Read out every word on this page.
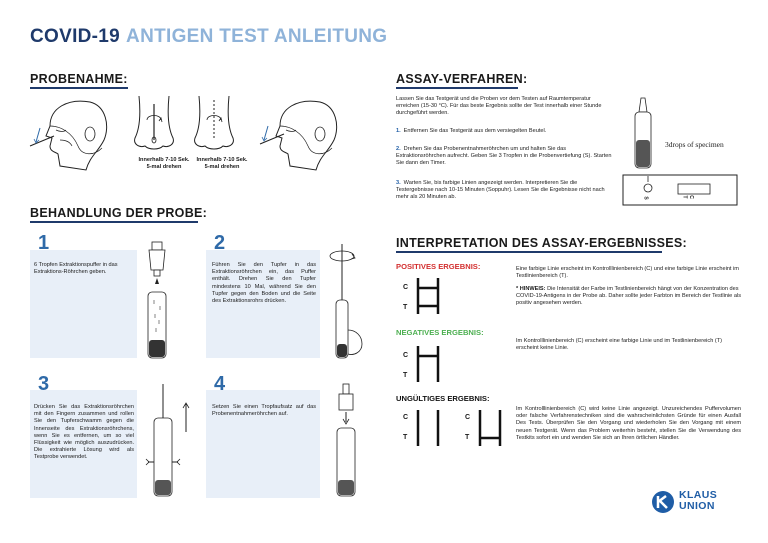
COVID-19 ANTIGEN TEST ANLEITUNG
PROBENAHME:
Innerhalb 7-10 Sek.
5-mal drehen
Innerhalb 7-10 Sek.
5-mal drehen
BEHANDLUNG DER PROBE:
1
6 Tropfen Extraktionspuffer in das Extraktions-Röhrchen geben.
2
Führen Sie den Tupfer in das Extraktionsröhrchen ein, das Puffer enthält. Drehen Sie den Tupfer mindestens 10 Mal, während Sie den Tupfer gegen den Boden und die Seite des Extraktionsrohrs drücken.
3
Drücken Sie das Extraktionsröhrchen mit den Fingern zusammen und rollen Sie den Tupferschwamm gegen die Innenseite des Extraktionsröhrchens, wenn Sie es entfernen, um so viel Flüssigkeit wie möglich auszudrücken. Die extrahierte Lösung wird als Testprobe verwendet.
4
Setzen Sie einen Tropfaufsatz auf das Probenentnahmeröhrchen auf.
ASSAY-VERFAHREN:
Lassen Sie das Testgerät und die Proben vor dem Testen auf Raumtemperatur erreichen (15-30 °C). Für das beste Ergebnis sollte der Test innerhalb einer Stunde durchgeführt werden.
1. Entfernen Sie das Testgerät aus dem versiegelten Beutel.
2. Drehen Sie das Probenentnahmeröhrchen um und halten Sie das Extraktionsröhrchen aufrecht. Geben Sie 3 Tropfen in die Probenvertiefung (S). Starten Sie dann den Timer.
3. Warten Sie, bis farbige Linien angezeigt werden. Interpretieren Sie die Testergebnisse nach 10-15 Minuten (Soppuhr). Lesen Sie die Ergebnisse nicht nach mehr als 20 Minuten ab.
3drops of specimen
S	T C
INTERPRETATION DES ASSAY-ERGEBNISSES:
POSITIVES ERGEBNIS:
C
T
Eine farbige Linie erscheint im Kontrolllinienbereich (C) und eine farbige Linie erscheint im Testlinienbereich (T).
* HINWEIS: Die Intensität der Farbe im Testlinienbereich hängt von der Konzentration des COVID-19-Antigens in der Probe ab. Daher sollte jeder Farbton im Bereich der Testlinie als positiv angesehen werden.
NEGATIVES ERGEBNIS:
C
T
Im Kontrolllinienbereich (C) erscheint eine farbige Linie und im Testlinienbereich (T) erscheint keine Linie.
UNGÜLTIGES ERGEBNIS:
C
T
C
T
Im Kontrolllinienbereich (C) wird keine Linie angezeigt. Unzureichendes Puffervolumen oder falsche Verfahrenstechniken sind die wahrscheinlichsten Gründe für einen Ausfall Des Tests. Überprüfen Sie den Vorgang und wiederholen Sie den Vorgang mit einem neuen Testgerät. Wenn das Problem weiterhin besteht, stellen Sie die Verwendung des Testkits sofort ein und wenden Sie sich an Ihren örtlichen Händler.
KLAUS
UNION
